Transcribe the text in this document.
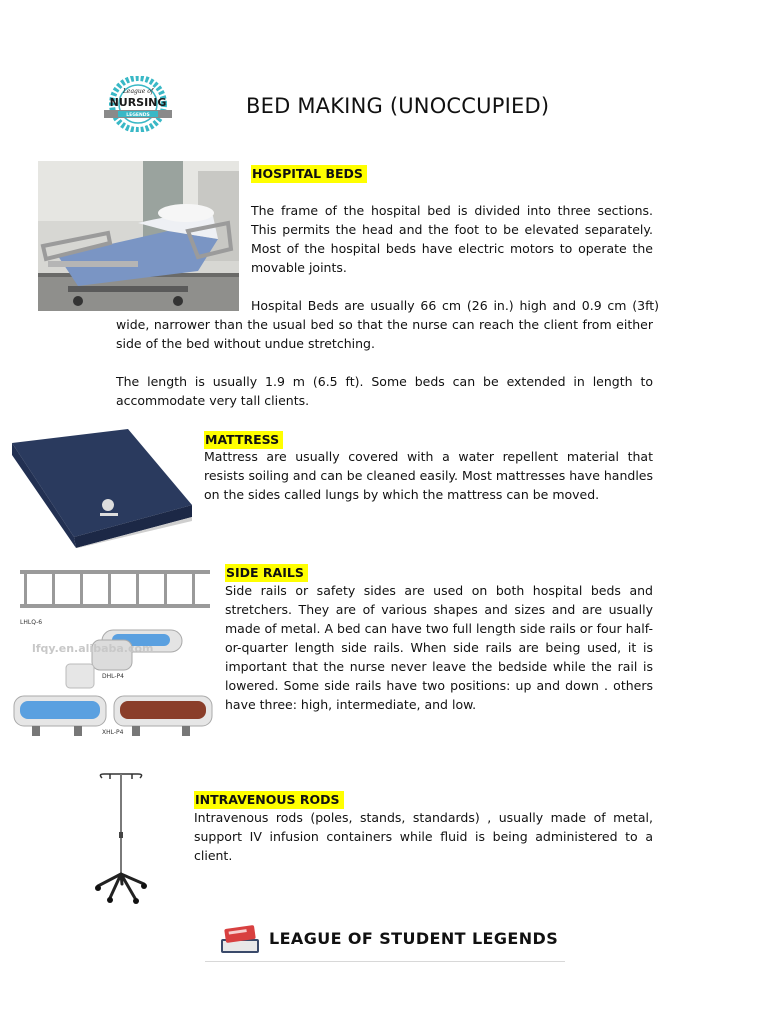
League of
NURSING
LEGENDS	BED MAKING (UNOCCUPIED)
HOSPITAL BEDS
The frame of the hospital bed is divided into three sections. This permits the head and the foot to be elevated separately. Most of the hospital beds have electric motors to operate the movable joints.
Hospital Beds are usually 66 cm (26 in.) high and 0.9 cm (3ft)
wide, narrower than the usual bed so that the nurse can reach the client from either side of the bed without undue stretching.
The length is usually 1.9 m (6.5 ft). Some beds can be extended in length to accommodate very tall clients.
MATTRESS
Mattress are usually covered with a water repellent material that resists soiling and can be cleaned easily. Most mattresses have handles on the sides called lungs by which the mattress can be moved.
LHLQ-6
lfqy.en.alibaba.com
DHL-P4
XHL-P4
SIDE RAILS
Side rails or safety sides are used on both hospital beds and stretchers. They are of various shapes and sizes and are usually made of metal. A bed can have two full length side rails or four half-or-quarter length side rails. When side rails are being used, it is important that the nurse never leave the bedside while the rail is lowered. Some side rails have two positions: up and down . others have three: high, intermediate, and low.
INTRAVENOUS RODS
Intravenous rods (poles, stands, standards) , usually made of metal, support IV infusion containers while fluid is being administered to a client.
LEAGUE OF STUDENT LEGENDS
